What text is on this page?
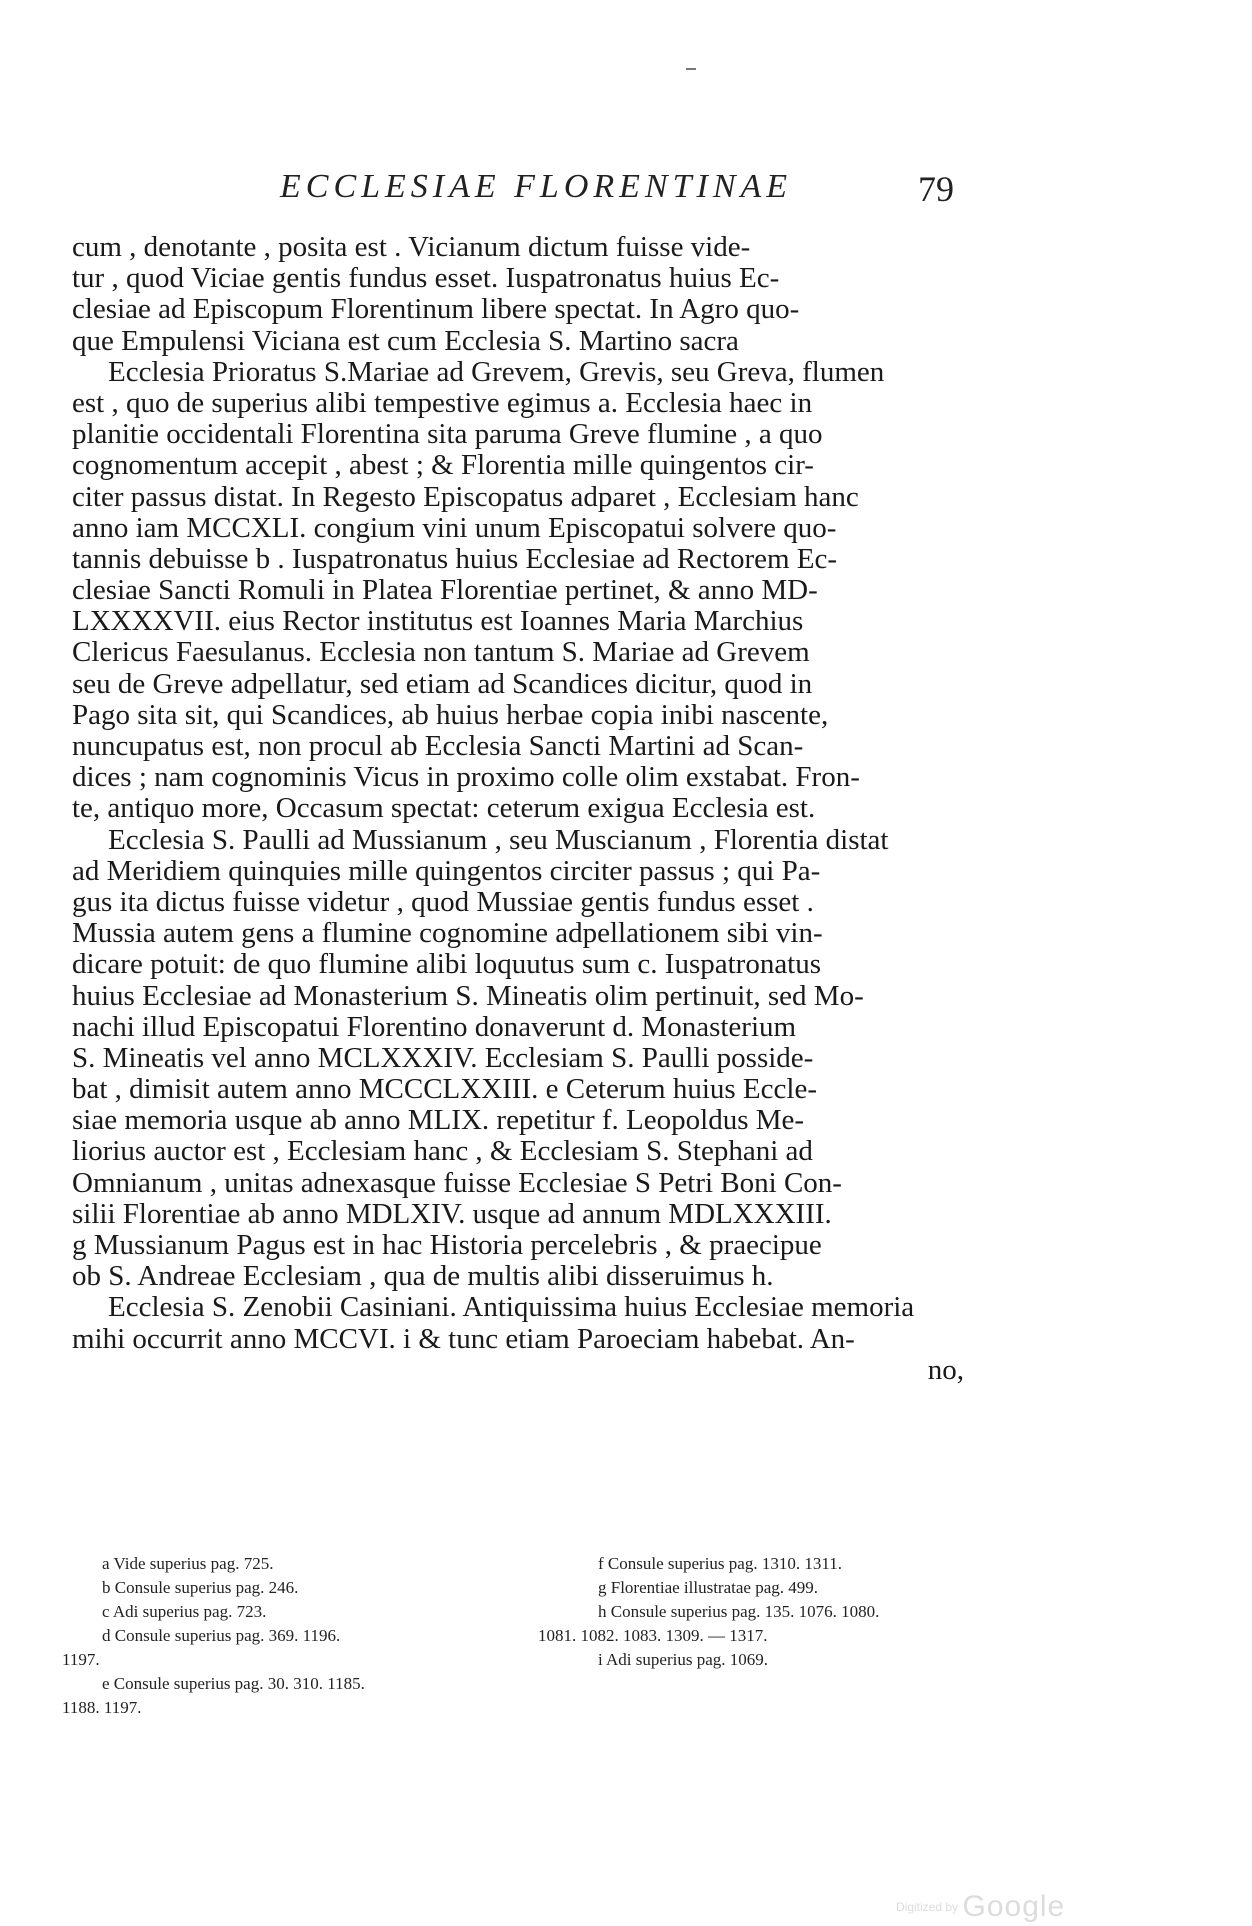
ECCLESIAE FLORENTINAE	79
cum , denotante , posita est . Vicianum dictum fuisse vide-
tur , quod Viciae gentis fundus esset. Iuspatronatus huius Ec-
clesiae ad Episcopum Florentinum libere spectat. In Agro quo-
que Empulensi Viciana est cum Ecclesia S. Martino sacra
Ecclesia Prioratus S.Mariae ad Grevem, Grevis, seu Greva, flumen
est , quo de superius alibi tempestive egimus a. Ecclesia haec in
planitie occidentali Florentina sita paruma Greve flumine , a quo
cognomentum accepit , abest ; & Florentia mille quingentos cir-
citer passus distat. In Regesto Episcopatus adparet , Ecclesiam hanc
anno iam MCCXLI. congium vini unum Episcopatui solvere quo-
tannis debuisse b . Iuspatronatus huius Ecclesiae ad Rectorem Ec-
clesiae Sancti Romuli in Platea Florentiae pertinet, & anno MD-
LXXXXVII. eius Rector institutus est Ioannes Maria Marchius
Clericus Faesulanus. Ecclesia non tantum S. Mariae ad Grevem
seu de Greve adpellatur, sed etiam ad Scandices dicitur, quod in
Pago sita sit, qui Scandices, ab huius herbae copia inibi nascente,
nuncupatus est, non procul ab Ecclesia Sancti Martini ad Scan-
dices ; nam cognominis Vicus in proximo colle olim exstabat. Fron-
te, antiquo more, Occasum spectat: ceterum exigua Ecclesia est.
Ecclesia S. Paulli ad Mussianum , seu Muscianum , Florentia distat
ad Meridiem quinquies mille quingentos circiter passus ; qui Pa-
gus ita dictus fuisse videtur , quod Mussiae gentis fundus esset .
Mussia autem gens a flumine cognomine adpellationem sibi vin-
dicare potuit: de quo flumine alibi loquutus sum c. Iuspatronatus
huius Ecclesiae ad Monasterium S. Mineatis olim pertinuit, sed Mo-
nachi illud Episcopatui Florentino donaverunt d. Monasterium
S. Mineatis vel anno MCLXXXIV. Ecclesiam S. Paulli posside-
bat , dimisit autem anno MCCCLXXIII. e Ceterum huius Eccle-
siae memoria usque ab anno MLIX. repetitur f. Leopoldus Me-
liorius auctor est , Ecclesiam hanc , & Ecclesiam S. Stephani ad
Omnianum , unitas adnexasque fuisse Ecclesiae S Petri Boni Con-
silii Florentiae ab anno MDLXIV. usque ad annum MDLXXXIII.
g Mussianum Pagus est in hac Historia percelebris , & praecipue
ob S. Andreae Ecclesiam , qua de multis alibi disseruimus h.
Ecclesia S. Zenobii Casiniani. Antiquissima huius Ecclesiae memoria
mihi occurrit anno MCCVI. i & tunc etiam Paroeciam habebat. An-
no,
a Vide superius pag. 725.
b Consule superius pag. 246.
c Adi superius pag. 723.
d Consule superius pag. 369. 1196.
1197.
e Consule superius pag. 30. 310. 1185.
1188. 1197.
f Consule superius pag. 1310. 1311.
g Florentiae illustratae pag. 499.
h Consule superius pag. 135. 1076. 1080.
1081. 1082. 1083. 1309. — 1317.
i Adi superius pag. 1069.
Digitized by Google
